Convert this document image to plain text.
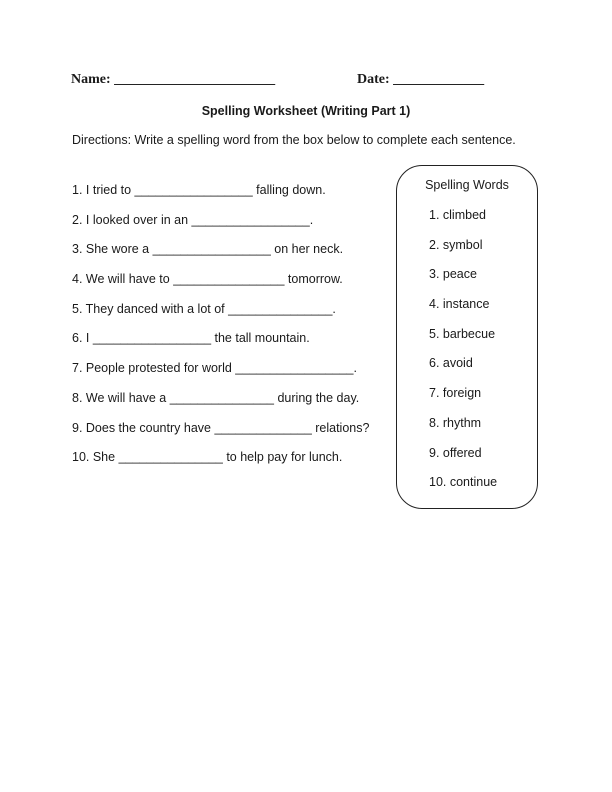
Name: _______________________	Date: _____________
Spelling Worksheet (Writing Part 1)
Directions: Write a spelling word from the box below to complete each sentence.
1. I tried to _________________ falling down.
2. I looked over in an _________________.
3. She wore a _________________ on her neck.
4. We will have to ________________ tomorrow.
5. They danced with a lot of _______________.
6. I _________________ the tall mountain.
7. People protested for world _________________.
8. We will have a _______________ during the day.
9. Does the country have ______________ relations?
10. She _______________ to help pay for lunch.
Spelling Words
1. climbed
2. symbol
3. peace
4. instance
5. barbecue
6. avoid
7. foreign
8. rhythm
9. offered
10. continue
